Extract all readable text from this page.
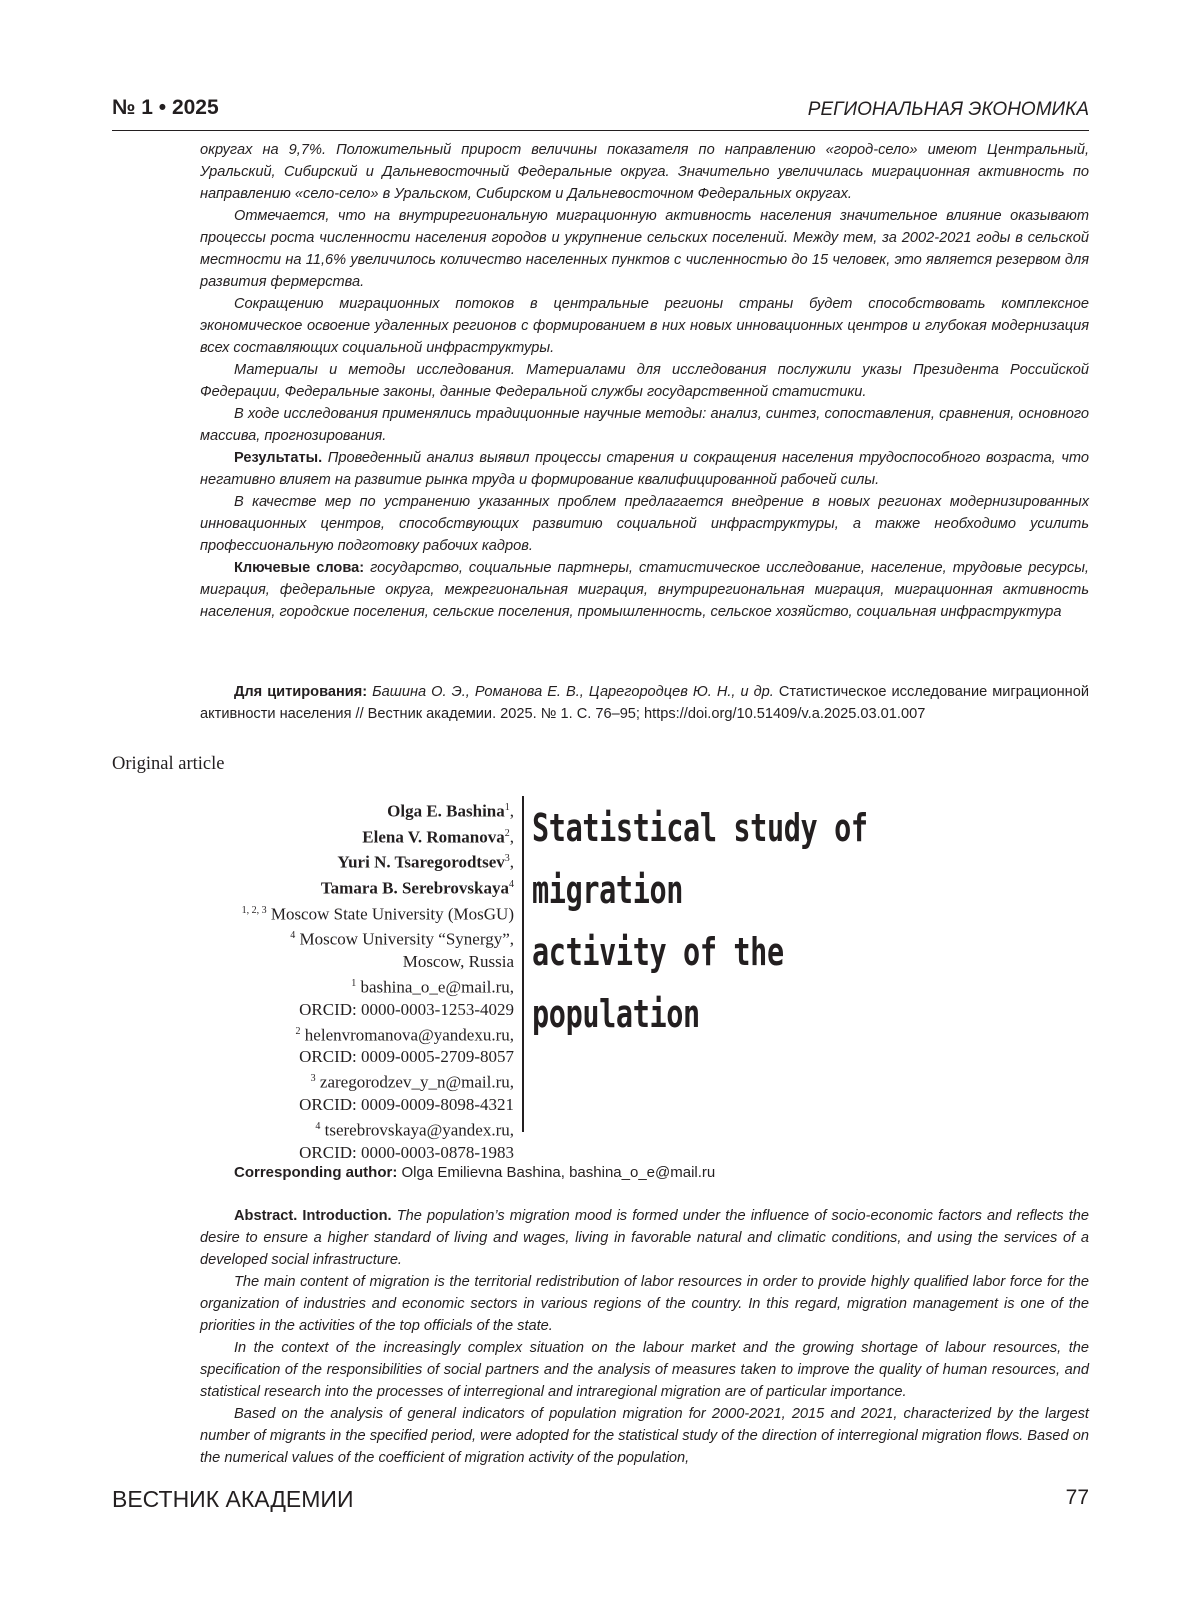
№ 1 • 2025	РЕГИОНАЛЬНАЯ ЭКОНОМИКА

округах на 9,7%. Положительный прирост величины показателя по направлению «город-село» имеют Центральный, Уральский, Сибирский и Дальневосточный Федеральные округа. Значительно увеличилась миграционная активность по направлению «село-село» в Уральском, Сибирском и Дальневосточном Федеральных округах.

Отмечается, что на внутрирегиональную миграционную активность населения значительное влияние оказывают процессы роста численности населения городов и укрупнение сельских поселений. Между тем, за 2002-2021 годы в сельской местности на 11,6% увеличилось количество населенных пунктов с численностью до 15 человек, это является резервом для развития фермерства.

Сокращению миграционных потоков в центральные регионы страны будет способствовать комплексное экономическое освоение удаленных регионов с формированием в них новых инновационных центров и глубокая модернизация всех составляющих социальной инфраструктуры.

Материалы и методы исследования. Материалами для исследования послужили указы Президента Российской Федерации, Федеральные законы, данные Федеральной службы государственной статистики.

В ходе исследования применялись традиционные научные методы: анализ, синтез, сопоставления, сравнения, основного массива, прогнозирования.

Результаты. Проведенный анализ выявил процессы старения и сокращения населения трудоспособного возраста, что негативно влияет на развитие рынка труда и формирование квалифицированной рабочей силы.

В качестве мер по устранению указанных проблем предлагается внедрение в новых регионах модернизированных инновационных центров, способствующих развитию социальной инфраструктуры, а также необходимо усилить профессиональную подготовку рабочих кадров.

Ключевые слова: государство, социальные партнеры, статистическое исследование, население, трудовые ресурсы, миграция, федеральные округа, межрегиональная миграция, внутрирегиональная миграция, миграционная активность населения, городские поселения, сельские поселения, промышленность, сельское хозяйство, социальная инфраструктура

Для цитирования: Башина О. Э., Романова Е. В., Царегородцев Ю. Н., и др. Статистическое исследование миграционной активности населения // Вестник академии. 2025. № 1. С. 76–95; https://doi.org/10.51409/v.a.2025.03.01.007
Original article
Olga E. Bashina$^1$,
Elena V. Romanova$^2$,
Yuri N. Tsaregorodtsev$^3$,
Tamara B. Serebrovskaya$^4$
$^{1, 2, 3}$ Moscow State University (MosGU)
$^4$ Moscow University “Synergy”,
Moscow, Russia
$^1$ bashina_o_e@mail.ru,
ORCID: 0000-0003-1253-4029
$^2$ helenvromanova@yandexu.ru,
ORCID: 0009-0005-2709-8057
$^3$ zaregorodzev_y_n@mail.ru,
ORCID: 0009-0009-8098-4321
$^4$ tserebrovskaya@yandex.ru,
ORCID: 0000-0003-0878-1983
Statistical study of migration
activity of the population
Corresponding author: Olga Emilievna Bashina, bashina_o_e@mail.ru

Abstract. Introduction. The population’s migration mood is formed under the influence of socio-economic factors and reflects the desire to ensure a higher standard of living and wages, living in favorable natural and climatic conditions, and using the services of a developed social infrastructure.

The main content of migration is the territorial redistribution of labor resources in order to provide highly qualified labor force for the organization of industries and economic sectors in various regions of the country. In this regard, migration management is one of the priorities in the activities of the top officials of the state.

In the context of the increasingly complex situation on the labour market and the growing shortage of labour resources, the specification of the responsibilities of social partners and the analysis of measures taken to improve the quality of human resources, and statistical research into the processes of interregional and intraregional migration are of particular importance.

Based on the analysis of general indicators of population migration for 2000-2021, 2015 and 2021, characterized by the largest number of migrants in the specified period, were adopted for the statistical study of the direction of interregional migration flows. Based on the numerical values of the coefficient of migration activity of the population,

ВЕСТНИК АКАДЕМИИ	77
